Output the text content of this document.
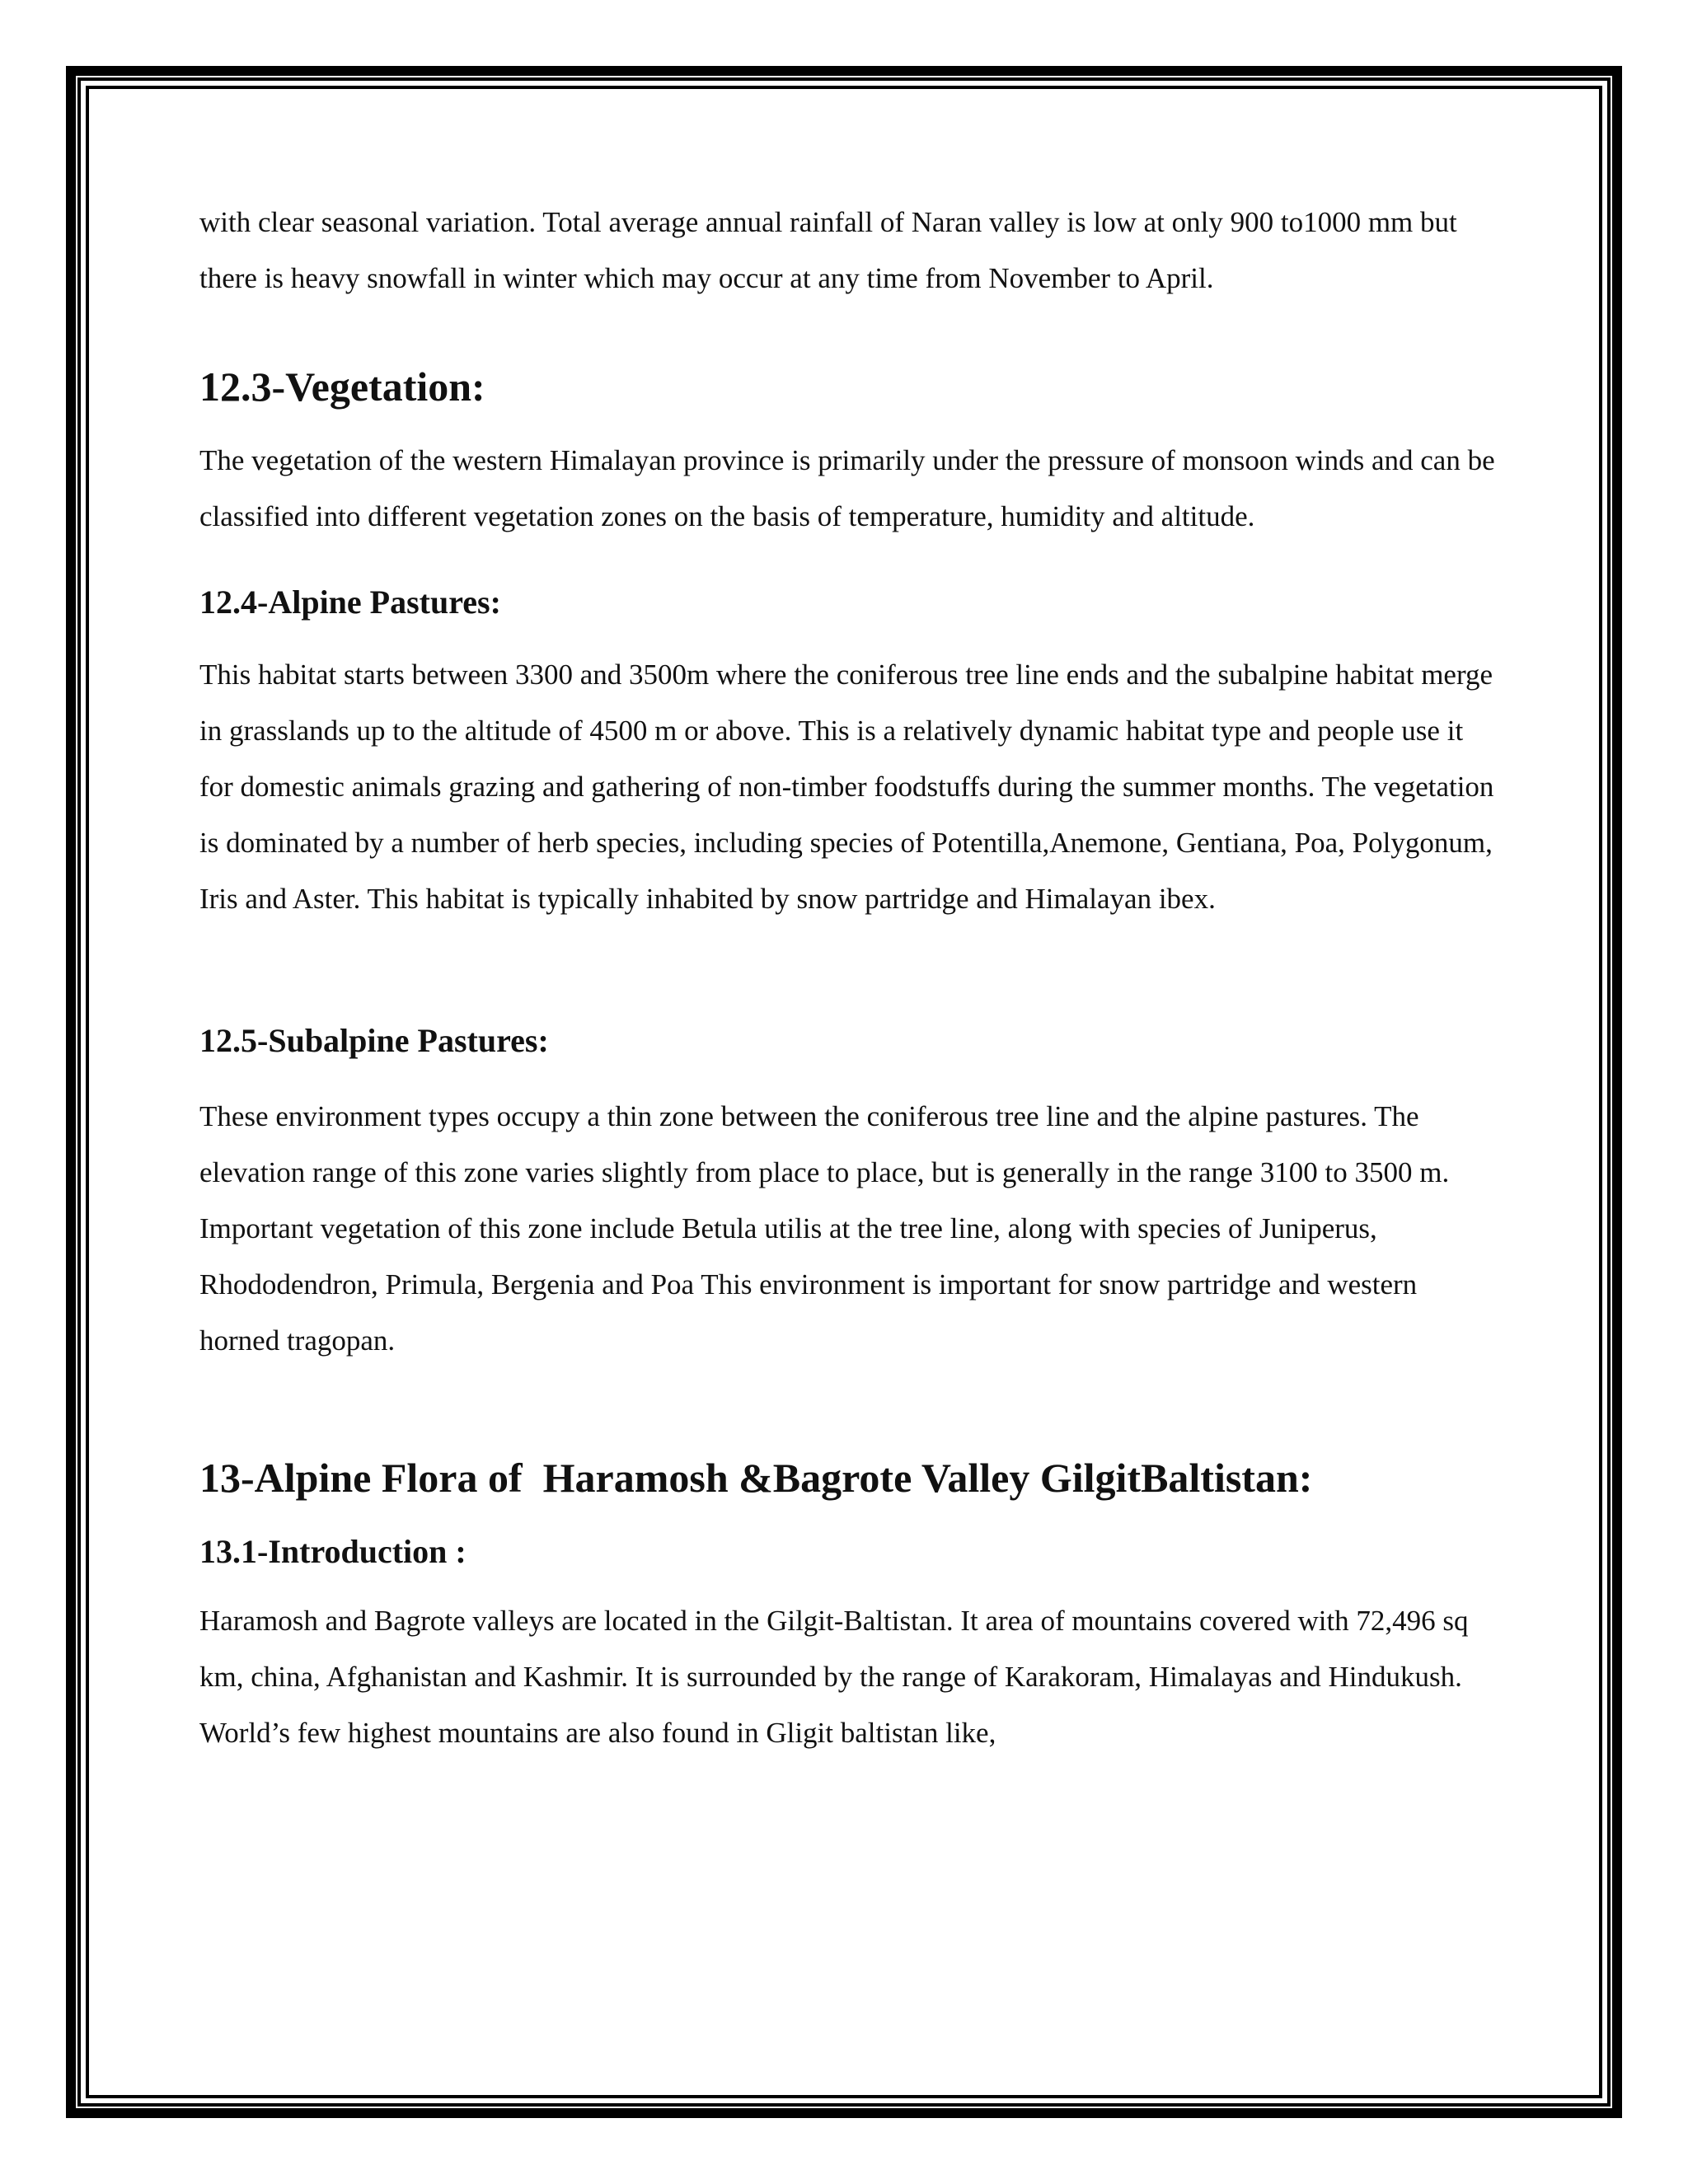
with clear seasonal variation. Total average annual rainfall of Naran valley is low at only 900 to1000 mm but there is heavy snowfall in winter which may occur at any time from November to April.

12.3-Vegetation:

The vegetation of the western Himalayan province is primarily under the pressure of monsoon winds and can be classified into different vegetation zones on the basis of temperature, humidity and altitude.

12.4-Alpine Pastures:

This habitat starts between 3300 and 3500m where the coniferous tree line ends and the subalpine habitat merge in grasslands up to the altitude of 4500 m or above. This is a relatively dynamic habitat type and people use it for domestic animals grazing and gathering of non-timber foodstuffs during the summer months. The vegetation is dominated by a number of herb species, including species of Potentilla,Anemone, Gentiana, Poa, Polygonum, Iris and Aster. This habitat is typically inhabited by snow partridge and Himalayan ibex.

12.5-Subalpine Pastures:

These environment types occupy a thin zone between the coniferous tree line and the alpine pastures. The elevation range of this zone varies slightly from place to place, but is generally in the range 3100 to 3500 m. Important vegetation of this zone include Betula utilis at the tree line, along with species of Juniperus, Rhododendron, Primula, Bergenia and Poa This environment is important for snow partridge and western horned tragopan.

13-Alpine Flora of  Haramosh &Bagrote Valley GilgitBaltistan:
13.1-Introduction :

Haramosh and Bagrote valleys are located in the Gilgit-Baltistan. It area of mountains covered with 72,496 sq km, china, Afghanistan and Kashmir. It is surrounded by the range of Karakoram, Himalayas and Hindukush. World’s few highest mountains are also found in Gligit baltistan like,
